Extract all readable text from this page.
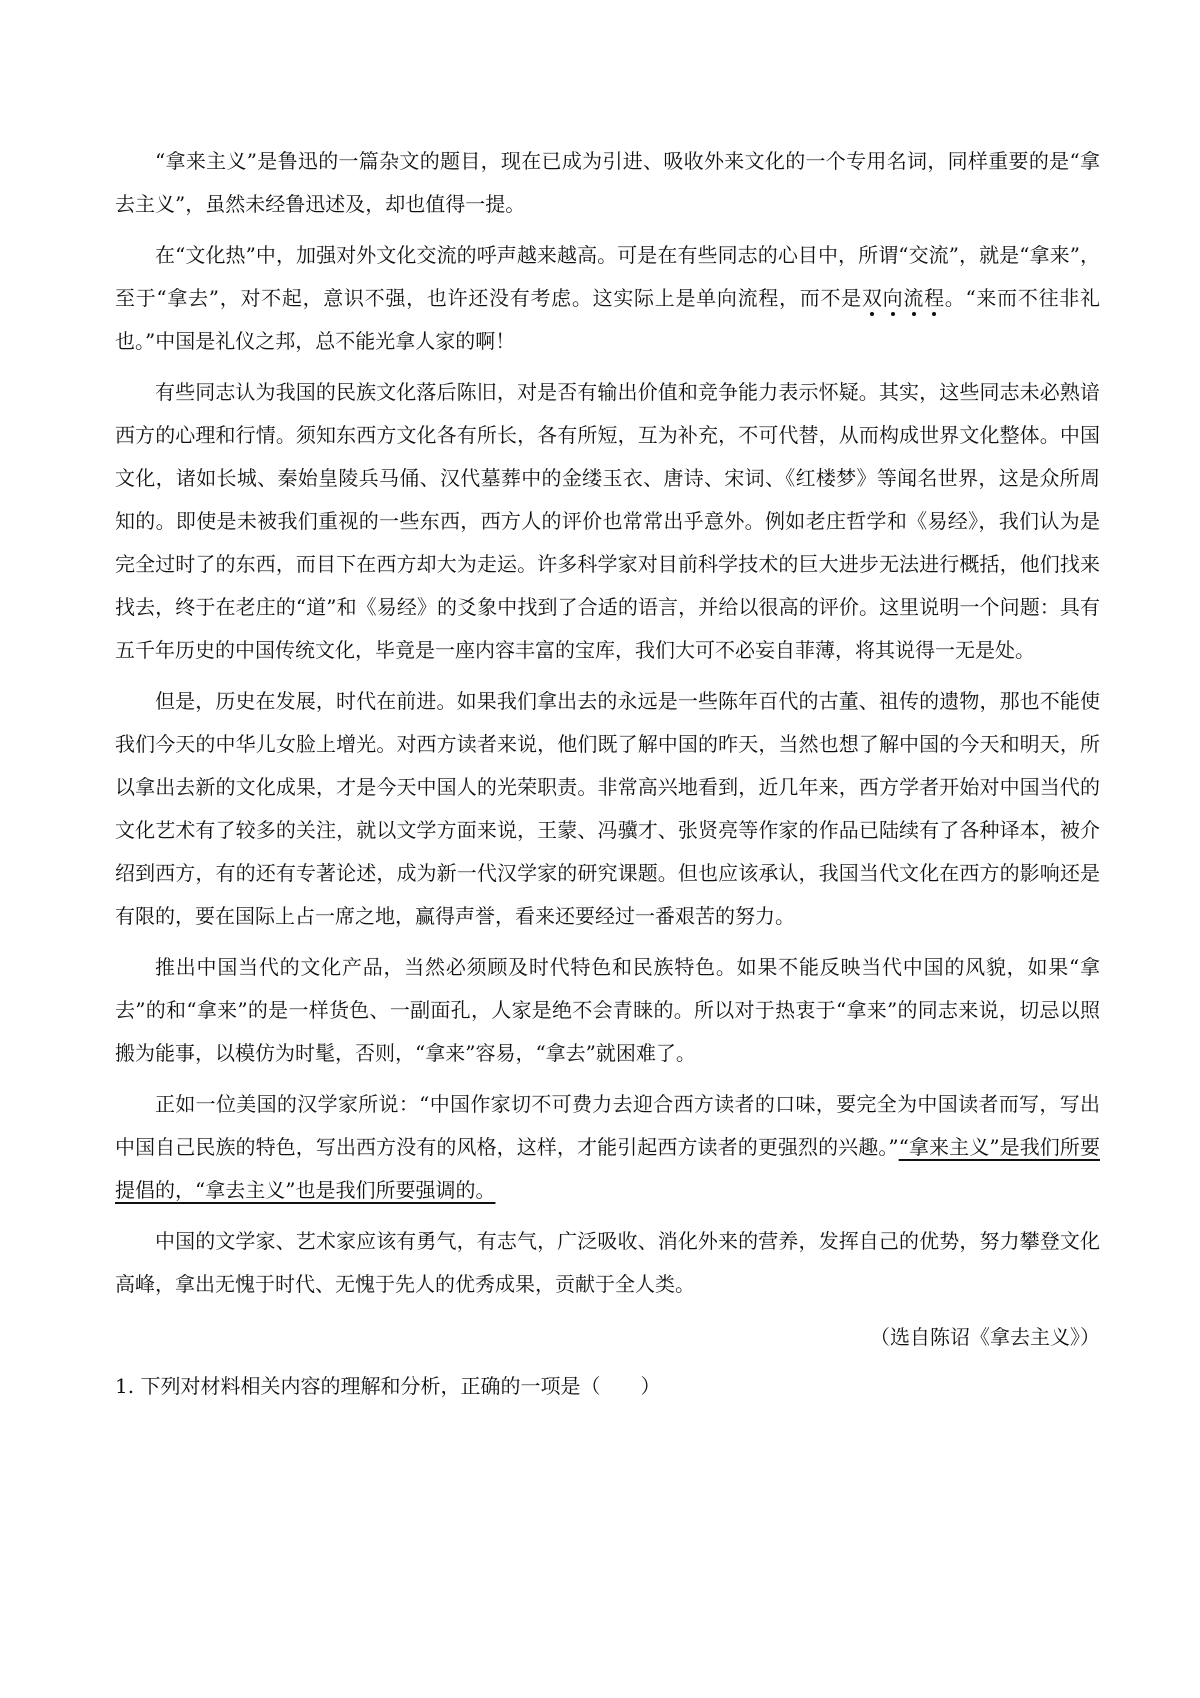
“拿来主义”是鲁迅的一篇杂文的题目，现在已成为引进、吸收外来文化的一个专用名词，同样重要的是“拿去主义”，虽然未经鲁迅述及，却也值得一提。

在“文化热”中，加强对外文化交流的呼声越来越高。可是在有些同志的心目中，所谓“交流”，就是“拿来”，至于“拿去”，对不起，意识不强，也许还没有考虑。这实际上是单向流程，而不是双向流程。“来而不往非礼也。”中国是礼仪之邦，总不能光拿人家的啊！

有些同志认为我国的民族文化落后陈旧，对是否有输出价值和竞争能力表示怀疑。其实，这些同志未必熟谙西方的心理和行情。须知东西方文化各有所长，各有所短，互为补充，不可代替，从而构成世界文化整体。中国文化，诸如长城、秦始皇陵兵马俑、汉代墓葬中的金缕玉衣、唐诗、宋词、《红楼梦》等闻名世界，这是众所周知的。即使是未被我们重视的一些东西，西方人的评价也常常出乎意外。例如老庄哲学和《易经》，我们认为是完全过时了的东西，而目下在西方却大为走运。许多科学家对目前科学技术的巨大进步无法进行概括，他们找来找去，终于在老庄的“道”和《易经》的爻象中找到了合适的语言，并给以很高的评价。这里说明一个问题：具有五千年历史的中国传统文化，毕竟是一座内容丰富的宝库，我们大可不必妄自菲薄，将其说得一无是处。

但是，历史在发展，时代在前进。如果我们拿出去的永远是一些陈年百代的古董、祖传的遗物，那也不能使我们今天的中华儿女脸上增光。对西方读者来说，他们既了解中国的昨天，当然也想了解中国的今天和明天，所以拿出去新的文化成果，才是今天中国人的光荣职责。非常高兴地看到，近几年来，西方学者开始对中国当代的文化艺术有了较多的关注，就以文学方面来说，王蒙、冯骥才、张贤亮等作家的作品已陆续有了各种译本，被介绍到西方，有的还有专著论述，成为新一代汉学家的研究课题。但也应该承认，我国当代文化在西方的影响还是有限的，要在国际上占一席之地，赢得声誉，看来还要经过一番艰苦的努力。

推出中国当代的文化产品，当然必须顾及时代特色和民族特色。如果不能反映当代中国的风貌，如果“拿去”的和“拿来”的是一样货色、一副面孔，人家是绝不会青睐的。所以对于热衷于“拿来”的同志来说，切忌以照搬为能事，以模仿为时髦，否则，“拿来”容易，“拿去”就困难了。

正如一位美国的汉学家所说：“中国作家切不可费力去迎合西方读者的口味，要完全为中国读者而写，写出中国自己民族的特色，写出西方没有的风格，这样，才能引起西方读者的更强烈的兴趣。”“拿来主义”是我们所要提倡的，“拿去主义”也是我们所要强调的。

中国的文学家、艺术家应该有勇气，有志气，广泛吸收、消化外来的营养，发挥自己的优势，努力攀登文化高峰，拿出无愧于时代、无愧于先人的优秀成果，贡献于全人类。

（选自陈诏《拿去主义》）

1. 下列对材料相关内容的理解和分析，正确的一项是（　　）
